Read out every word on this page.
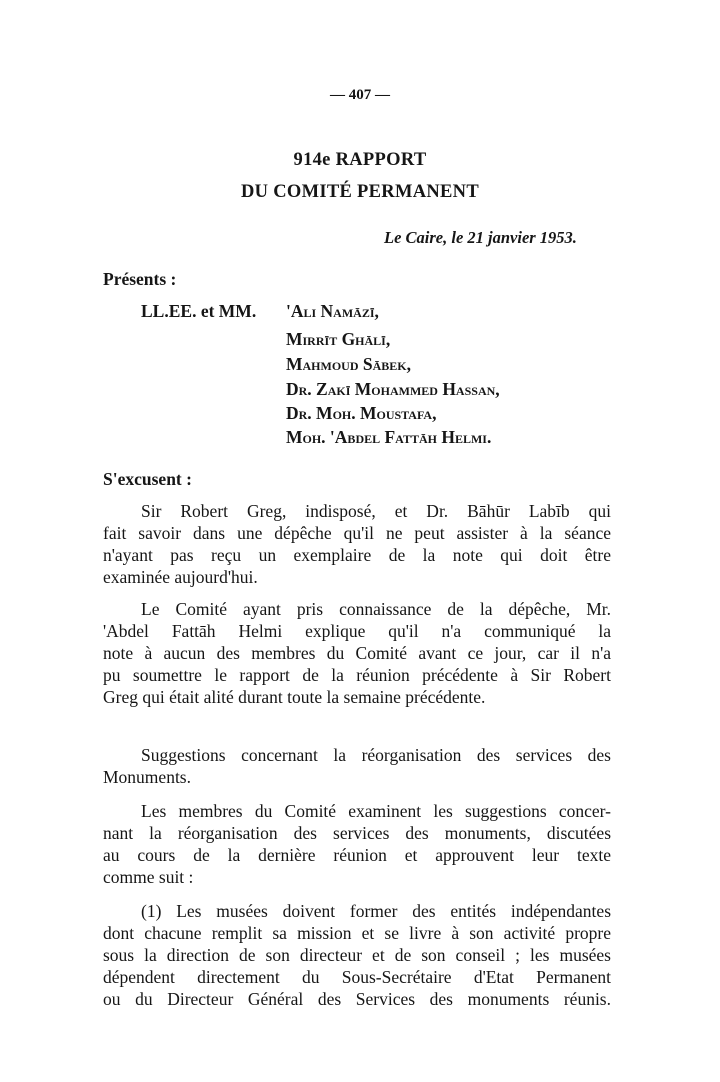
— 407 —
914e RAPPORT
DU COMITÉ PERMANENT
Le Caire, le 21 janvier 1953.
Présents :
LL.EE. et MM. 'Ali Namāzī,
Mirrīt Ghālī,
Mahmoud Sābek,
Dr. Zakī Mohammed Hassan,
Dr. Moh. Moustafa,
Moh. 'Abdel Fattāh Helmi.
S'excusent :
Sir Robert Greg, indisposé, et Dr. Bāhūr Labīb qui
fait savoir dans une dépêche qu'il ne peut assister à la séance
n'ayant pas reçu un exemplaire de la note qui doit être
examinée aujourd'hui.
Le Comité ayant pris connaissance de la dépêche, Mr.
'Abdel Fattāh Helmi explique qu'il n'a communiqué la
note à aucun des membres du Comité avant ce jour, car il n'a
pu soumettre le rapport de la réunion précédente à Sir Robert
Greg qui était alité durant toute la semaine précédente.
Suggestions concernant la réorganisation des services des
Monuments.
Les membres du Comité examinent les suggestions concer-
nant la réorganisation des services des monuments, discutées
au cours de la dernière réunion et approuvent leur texte
comme suit :
(1) Les musées doivent former des entités indépendantes
dont chacune remplit sa mission et se livre à son activité propre
sous la direction de son directeur et de son conseil ; les musées
dépendent directement du Sous-Secrétaire d'Etat Permanent
ou du Directeur Général des Services des monuments réunis.
